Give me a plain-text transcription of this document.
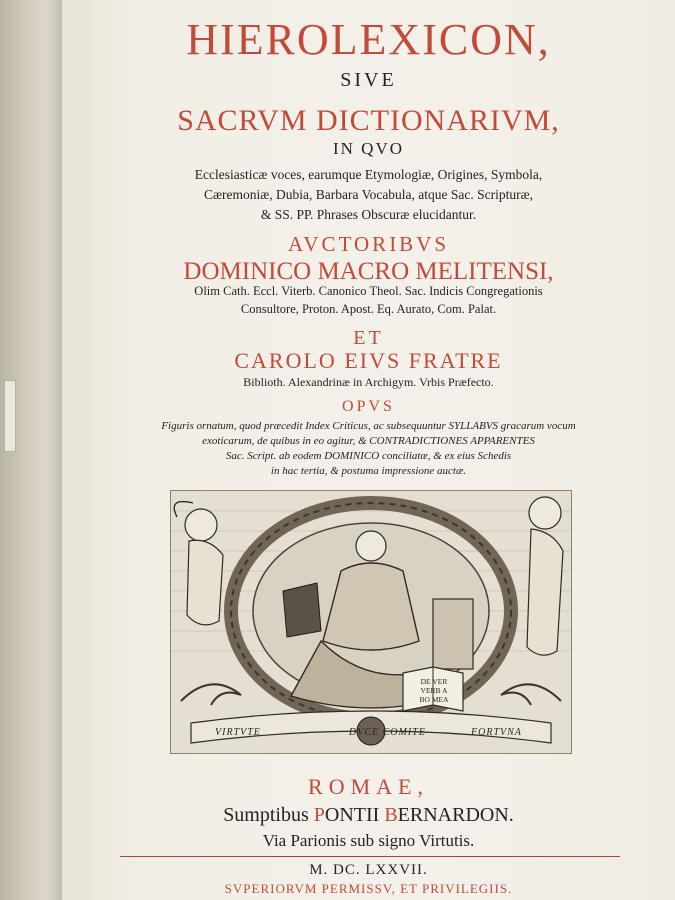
HIEROLEXICON,
SIVE
SACRVM DICTIONARIVM,
IN QVO
Ecclesiasticæ voces, earumque Etymologiæ, Origines, Symbola,
Cæremoniæ, Dubia, Barbara Vocabula, atque Sac. Scripturæ,
& SS. PP. Phrases Obscuræ elucidantur.
AVCTORIBVS
DOMINICO MACRO MELITENSI,
Olim Cath. Eccl. Viterb. Canonico Theol. Sac. Indicis Congregationis
Consultore, Proton. Apost. Eq. Aurato, Com. Palat.
ET
CAROLO EIVS FRATRE
Biblioth. Alexandrinæ in Archigym. Vrbis Præfecto.
OPVS
Figuris ornatum, quod præcedit Index Criticus, ac subsequuntur SYLLABVS gracarum vocum
exoticarum, de quibus in eo agitur, & CONTRADICTIONES APPARENTES
Sac. Script. ab eodem DOMINICO conciliatæ, & ex eius Schedis
in hac tertia, & postuma impressione auctæ.
VIRTVTE	DVCE COMITE	FORTVNA
DE VER
VERB A
BO MEA
ROMAE,
Sumptibus PONTII BERNARDON.
Via Parionis sub signo Virtutis.
M. DC. LXXVII.
SVPERIORVM PERMISSV, ET PRIVILEGIIS.
